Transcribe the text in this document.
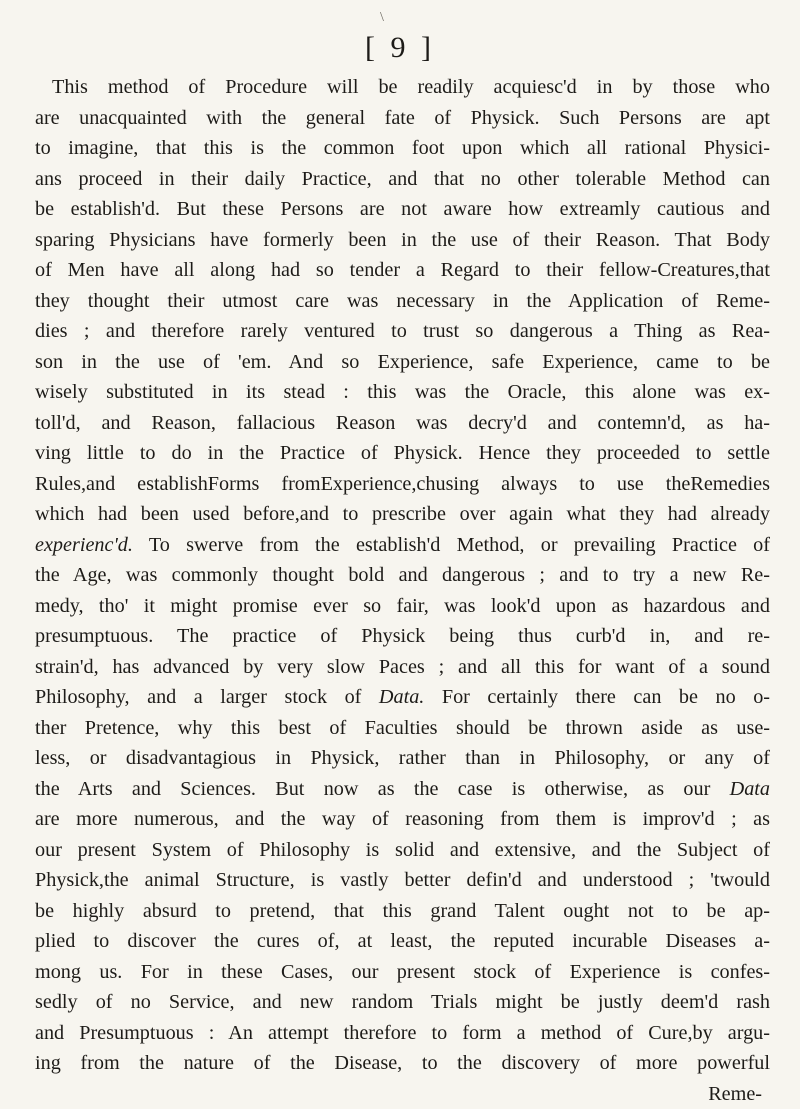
\
[ 9 ]
This method of Procedure will be readily acquiesc'd in by those who
are unacquainted with the general fate of Physick. Such Persons are apt
to imagine, that this is the common foot upon which all rational Physici-
ans proceed in their daily Practice, and that no other tolerable Method can
be establish'd. But these Persons are not aware how extreamly cautious and
sparing Physicians have formerly been in the use of their Reason. That Body
of Men have all along had so tender a Regard to their fellow-Creatures,that
they thought their utmost care was necessary in the Application of Reme-
dies ; and therefore rarely ventured to trust so dangerous a Thing as Rea-
son in the use of 'em. And so Experience, safe Experience, came to be
wisely substituted in its stead : this was the Oracle, this alone was ex-
toll'd, and Reason, fallacious Reason was decry'd and contemn'd, as ha-
ving little to do in the Practice of Physick. Hence they proceeded to settle
Rules,and establishForms fromExperience,chusing always to use theRemedies
which had been used before,and to prescribe over again what they had already
experienc'd. To swerve from the establish'd Method, or prevailing Practice of
the Age, was commonly thought bold and dangerous ; and to try a new Re-
medy, tho' it might promise ever so fair, was look'd upon as hazardous and
presumptuous. The practice of Physick being thus curb'd in, and re-
strain'd, has advanced by very slow Paces ; and all this for want of a sound
Philosophy, and a larger stock of Data. For certainly there can be no o-
ther Pretence, why this best of Faculties should be thrown aside as use-
less, or disadvantagious in Physick, rather than in Philosophy, or any of
the Arts and Sciences. But now as the case is otherwise, as our Data
are more numerous, and the way of reasoning from them is improv'd ; as
our present System of Philosophy is solid and extensive, and the Subject of
Physick,the animal Structure, is vastly better defin'd and understood ; 'twould
be highly absurd to pretend, that this grand Talent ought not to be ap-
plied to discover the cures of, at least, the reputed incurable Diseases a-
mong us. For in these Cases, our present stock of Experience is confes-
sedly of no Service, and new random Trials might be justly deem'd rash
and Presumptuous : An attempt therefore to form a method of Cure,by argu-
ing from the nature of the Disease, to the discovery of more powerful
Reme-
